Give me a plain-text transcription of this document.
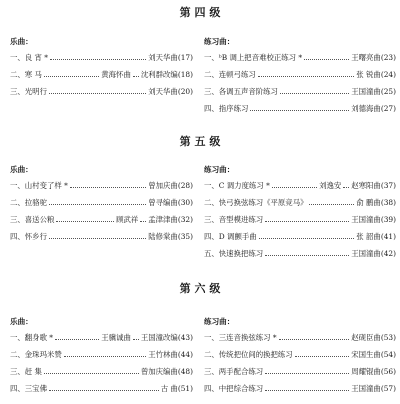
第 四 级
乐曲：
一、良 宵 *	刘天华曲 (17)
二、寒 马	黄海怀曲 沈利群改编 (18)
三、光明行	刘天华曲 (20)
练习曲：
一、ᵇB 调上把音难校正练习 *	王曙亮曲 (23)
二、连顿弓练习	张 锐曲 (24)
三、各调五声音阶练习	王国潼曲 (25)
四、指序练习	刘德海曲 (27)
第 五 级
乐曲：
一、山村变了样 *	曾加庆曲 (28)
二、拉骆驼	曾寻编曲 (30)
三、喜送公粮	顾武祥 孟津津曲 (32)
四、怀乡行	陆修棠曲 (35)
练习曲：
一、C 调力度练习 *	刘逸安 赵寒阳曲 (37)
二、快弓换弦练习《平原竞马》	俞 鹏曲 (38)
三、音型模进练习	王国潼曲 (39)
四、D 调颤手曲	张 韶曲 (41)
五、快速换把练习	王国潼曲 (42)
第 六 级
乐曲：
一、翻身歌 *	王骥诚曲 王国潼改编 (43)
二、金珠玛米赞	王竹林曲 (44)
三、赶 集	曾加庆编曲 (48)
四、三宝佛	古 曲 (51)
练习曲：
一、三连音换弦练习 *	赵砚臣曲 (53)
二、传统把位间的换把练习	宋国生曲 (54)
三、两手配合练习	周耀锟曲 (56)
四、中把综合练习	王国潼曲 (57)
